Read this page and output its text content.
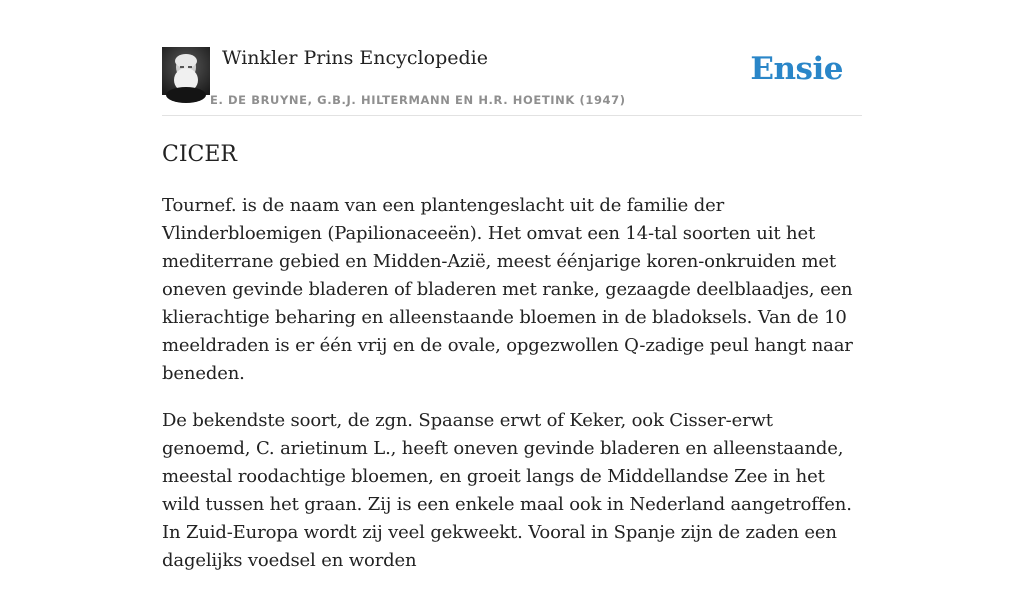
Winkler Prins Encyclopedie
E. DE BRUYNE, G.B.J. HILTERMANN EN H.R. HOETINK (1947)
Ensie
CICER

Tournef. is de naam van een plantengeslacht uit de familie der Vlinderbloemigen (Papilionaceeën). Het omvat een 14-tal soorten uit het mediterrane gebied en Midden-Azië, meest éénjarige koren-onkruiden met oneven gevinde bladeren of bladeren met ranke, gezaagde deelblaadjes, een klierachtige beharing en alleenstaande bloemen in de bladoksels. Van de 10 meeldraden is er één vrij en de ovale, opgezwollen Q-zadige peul hangt naar beneden.

De bekendste soort, de zgn. Spaanse erwt of Keker, ook Cisser-erwt genoemd, C. arietinum L., heeft oneven gevinde bladeren en alleenstaande, meestal roodachtige bloemen, en groeit langs de Middellandse Zee in het wild tussen het graan. Zij is een enkele maal ook in Nederland aangetroffen. In Zuid-Europa wordt zij veel gekweekt. Vooral in Spanje zijn de zaden een dagelijks voedsel en worden
